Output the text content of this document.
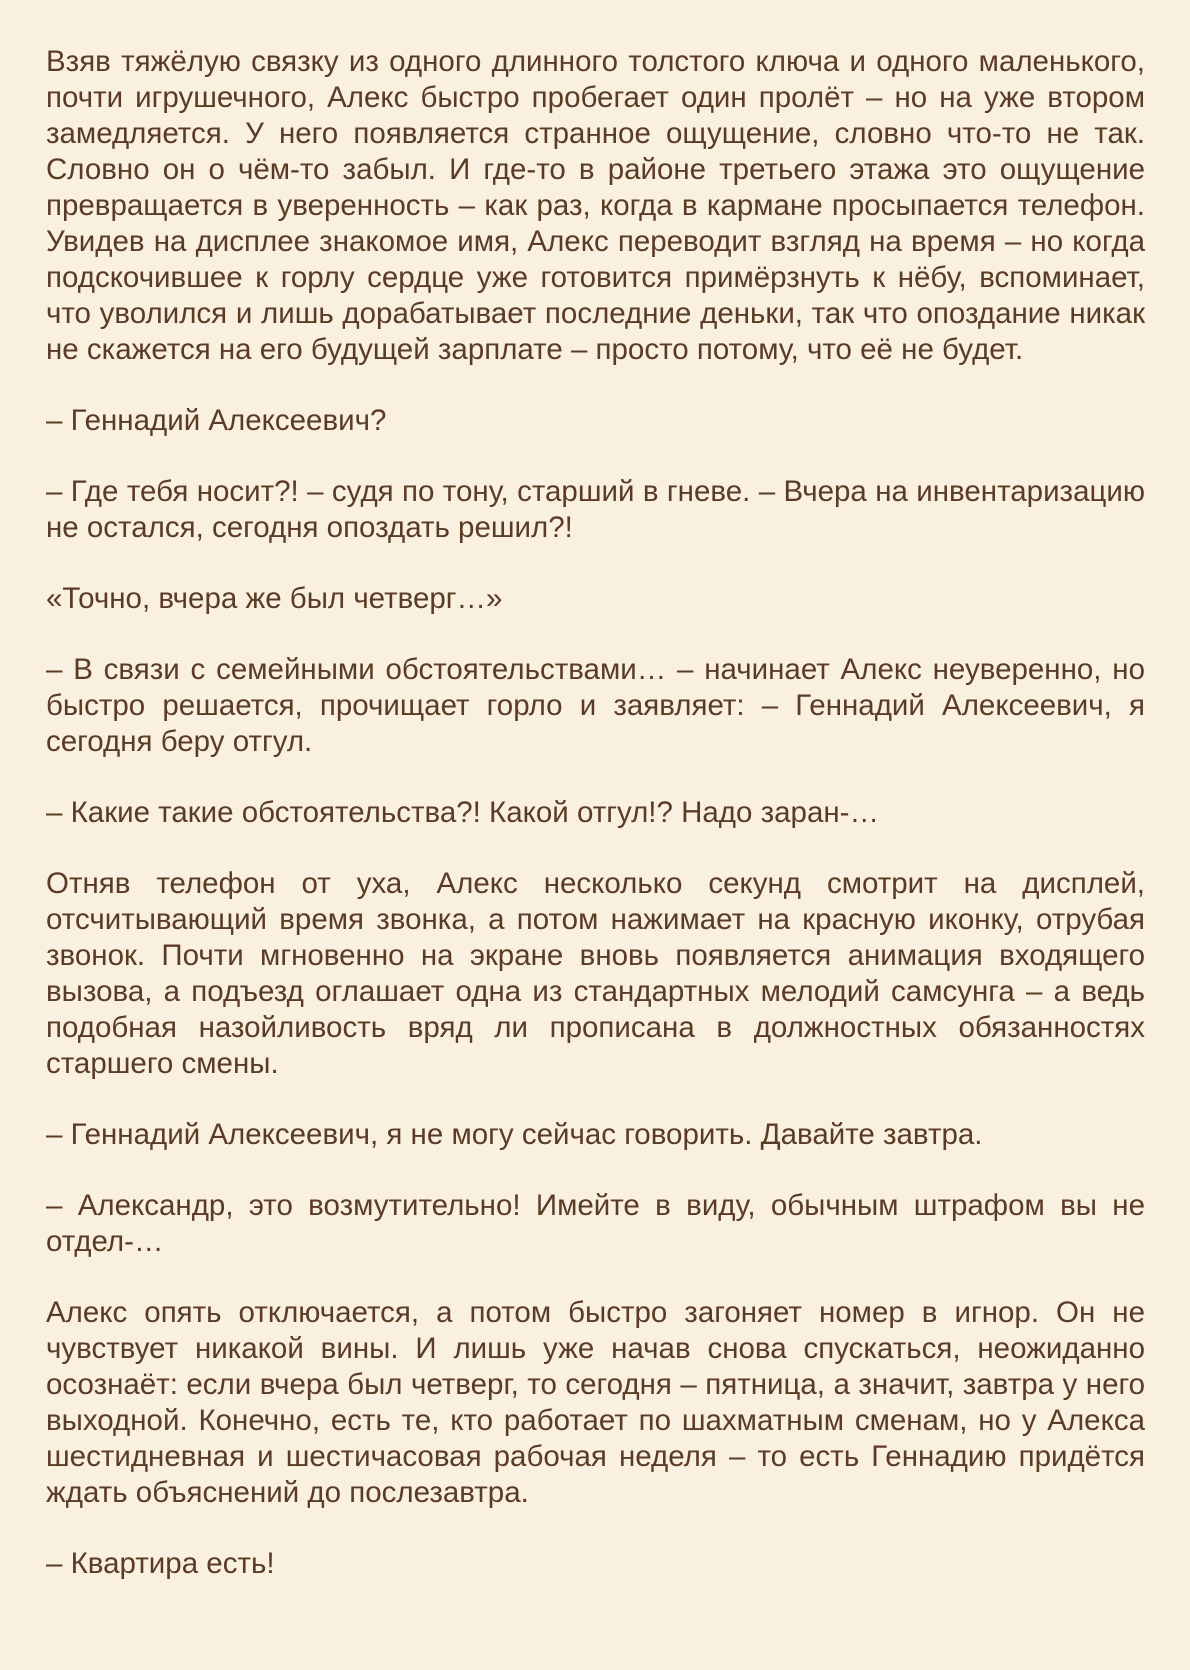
Взяв тяжёлую связку из одного длинного толстого ключа и одного маленького, почти игрушечного, Алекс быстро пробегает один пролёт – но на уже втором замедляется. У него появляется странное ощущение, словно что-то не так. Словно он о чём-то забыл. И где-то в районе третьего этажа это ощущение превращается в уверенность – как раз, когда в кармане просыпается телефон. Увидев на дисплее знакомое имя, Алекс переводит взгляд на время – но когда подскочившее к горлу сердце уже готовится примёрзнуть к нёбу, вспоминает, что уволился и лишь дорабатывает последние деньки, так что опоздание никак не скажется на его будущей зарплате – просто потому, что её не будет.

– Геннадий Алексеевич?

– Где тебя носит?! – судя по тону, старший в гневе. – Вчера на инвентаризацию не остался, сегодня опоздать решил?!

«Точно, вчера же был четверг…»

– В связи с семейными обстоятельствами… – начинает Алекс неуверенно, но быстро решается, прочищает горло и заявляет: – Геннадий Алексеевич, я сегодня беру отгул.

– Какие такие обстоятельства?! Какой отгул!? Надо заран-…

Отняв телефон от уха, Алекс несколько секунд смотрит на дисплей, отсчитывающий время звонка, а потом нажимает на красную иконку, отрубая звонок. Почти мгновенно на экране вновь появляется анимация входящего вызова, а подъезд оглашает одна из стандартных мелодий самсунга – а ведь подобная назойливость вряд ли прописана в должностных обязанностях старшего смены.

– Геннадий Алексеевич, я не могу сейчас говорить. Давайте завтра.

– Александр, это возмутительно! Имейте в виду, обычным штрафом вы не отдел-…

Алекс опять отключается, а потом быстро загоняет номер в игнор. Он не чувствует никакой вины. И лишь уже начав снова спускаться, неожиданно осознаёт: если вчера был четверг, то сегодня – пятница, а значит, завтра у него выходной. Конечно, есть те, кто работает по шахматным сменам, но у Алекса шестидневная и шестичасовая рабочая неделя – то есть Геннадию придётся ждать объяснений до послезавтра.

– Квартира есть!
